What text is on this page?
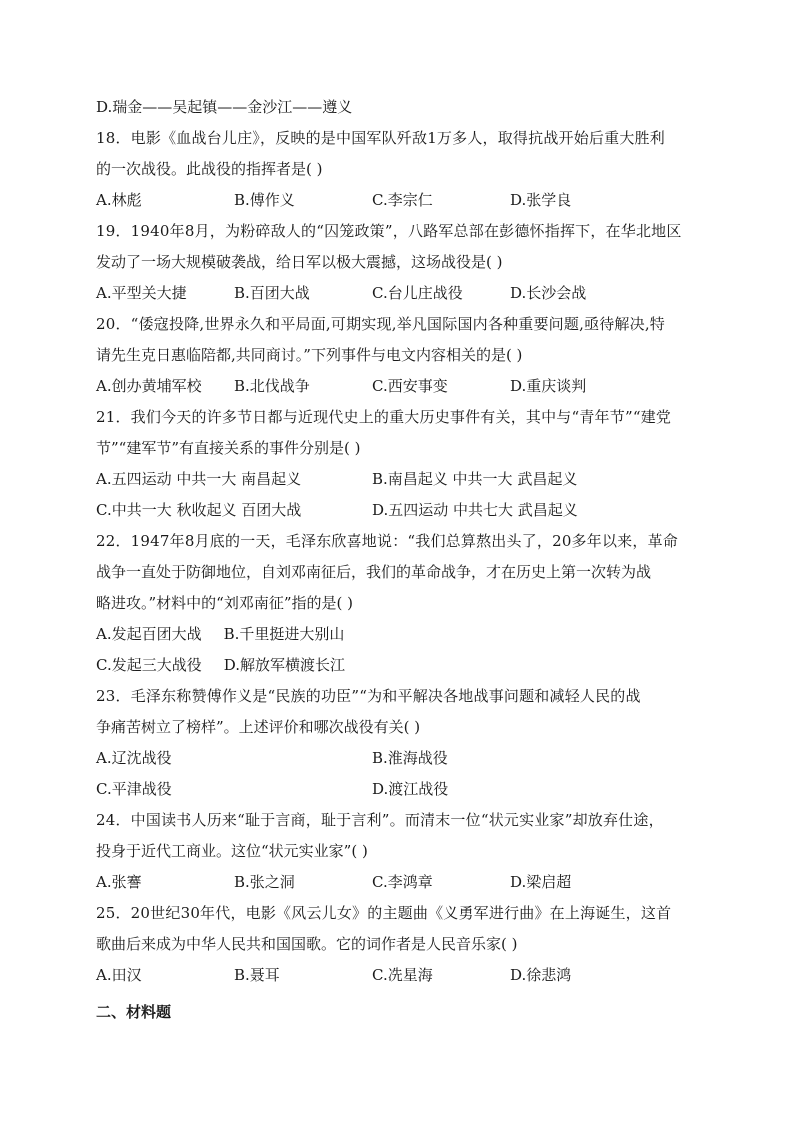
D.瑞金——吴起镇——金沙江——遵义
18．电影《血战台儿庄》，反映的是中国军队歼敌1万多人，取得抗战开始后重大胜利
的一次战役。此战役的指挥者是( )
A.林彪	B.傅作义	C.李宗仁	D.张学良
19．1940年8月，为粉碎敌人的“囚笼政策”，八路军总部在彭德怀指挥下，在华北地区
发动了一场大规模破袭战，给日军以极大震撼，这场战役是( )
A.平型关大捷	B.百团大战	C.台儿庄战役	D.长沙会战
20．“倭寇投降,世界永久和平局面,可期实现,举凡国际国内各种重要问题,亟待解决,特
请先生克日惠临陪都,共同商讨。”下列事件与电文内容相关的是( )
A.创办黄埔军校	B.北伐战争	C.西安事变	D.重庆谈判
21．我们今天的许多节日都与近现代史上的重大历史事件有关，其中与“青年节”“建党
节”“建军节”有直接关系的事件分别是( )
A.五四运动 中共一大 南昌起义	B.南昌起义 中共一大 武昌起义
C.中共一大 秋收起义 百团大战	D.五四运动 中共七大 武昌起义
22．1947年8月底的一天，毛泽东欣喜地说：“我们总算熬出头了，20多年以来，革命
战争一直处于防御地位，自刘邓南征后，我们的革命战争，才在历史上第一次转为战
略进攻。”材料中的“刘邓南征”指的是( )
A.发起百团大战 B.千里挺进大别山
C.发起三大战役 D.解放军横渡长江
23．毛泽东称赞傅作义是“民族的功臣”“为和平解决各地战事问题和减轻人民的战
争痛苦树立了榜样”。上述评价和哪次战役有关( )
A.辽沈战役	B.淮海战役
C.平津战役	D.渡江战役
24．中国读书人历来“耻于言商，耻于言利”。而清末一位“状元实业家”却放弃仕途，
投身于近代工商业。这位“状元实业家”( )
A.张謇	B.张之洞	C.李鸿章	D.梁启超
25．20世纪30年代，电影《风云儿女》的主题曲《义勇军进行曲》在上海诞生，这首
歌曲后来成为中华人民共和国国歌。它的词作者是人民音乐家( )
A.田汉	B.聂耳	C.冼星海	D.徐悲鸿
二、材料题
